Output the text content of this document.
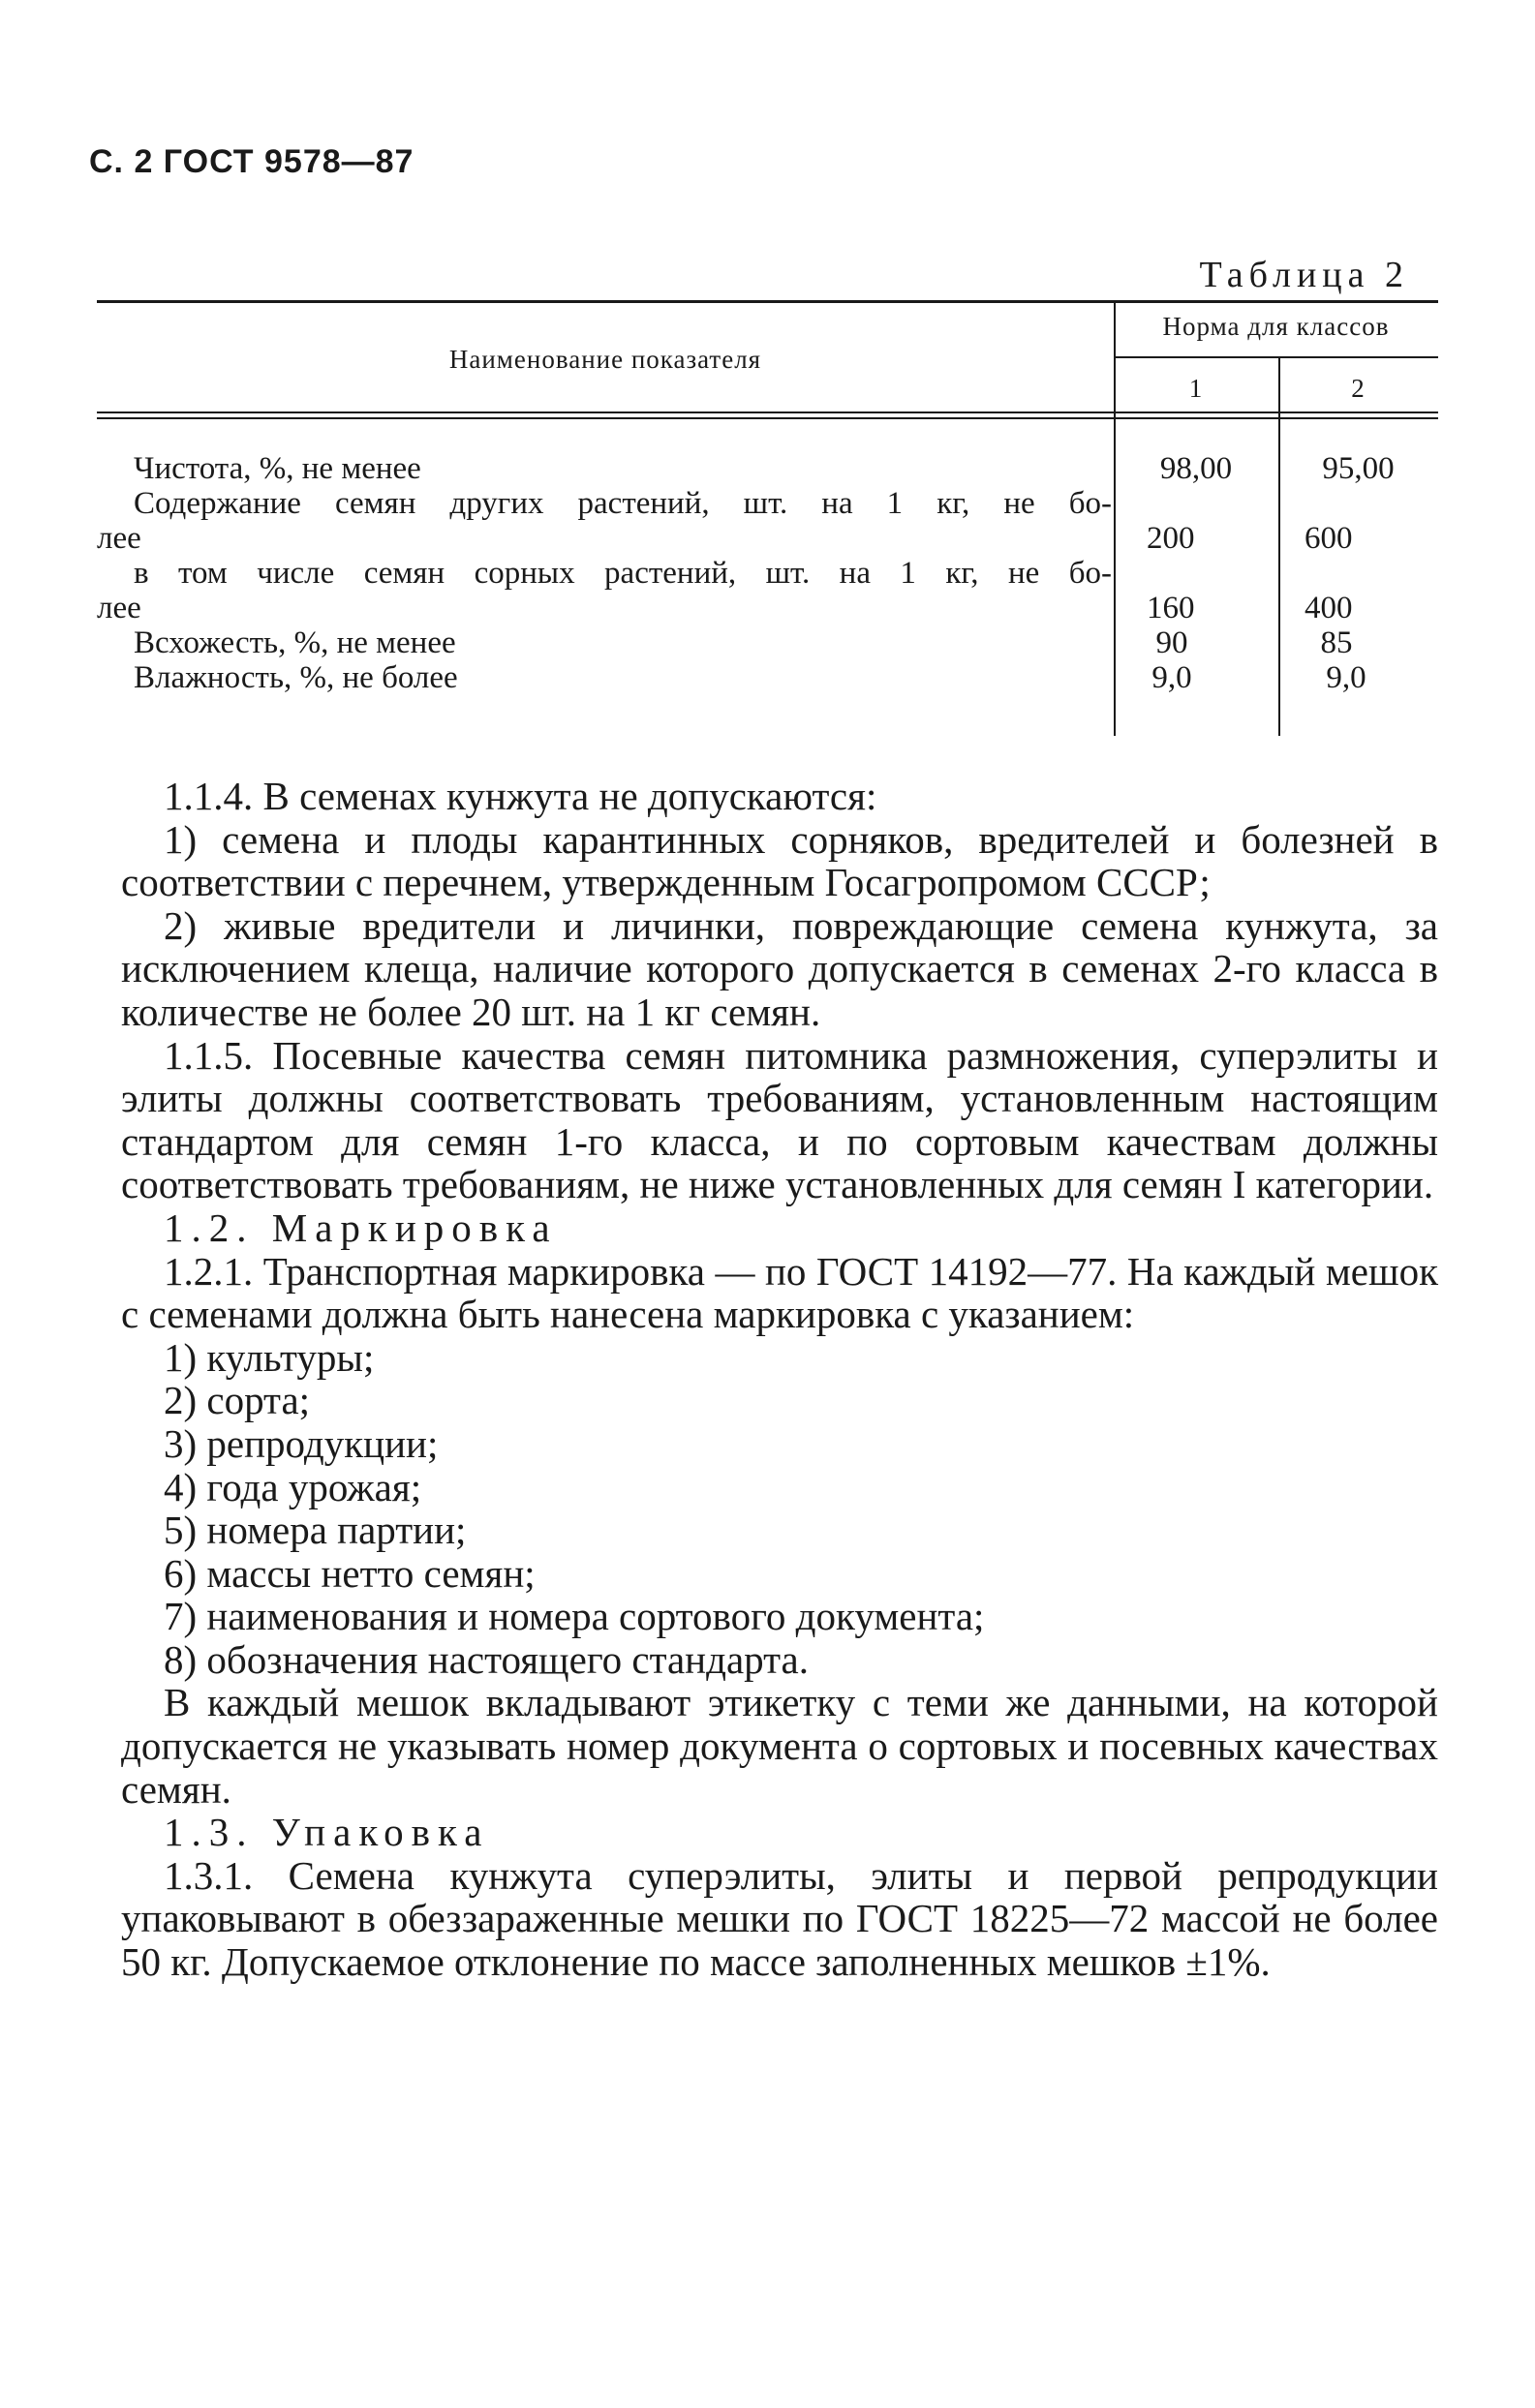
С. 2 ГОСТ 9578—87
Таблица 2
Наименование показателя
Норма для классов
1	2
Чистота, %, не менее	98,00	95,00
Содержание семян других растений, шт. на 1 кг, не бо-
лее	200	600
в том числе семян сорных растений, шт. на 1 кг, не бо-
лее	160	400
Всхожесть, %, не менее	90	85
Влажность, %, не более	9,0	9,0

1.1.4. В семенах кунжута не допускаются:

1) семена и плоды карантинных сорняков, вредителей и болезней в соответствии с перечнем, утвержденным Госагропромом СССР;

2) живые вредители и личинки, повреждающие семена кунжута, за исключением клеща, наличие которого допускается в семенах 2-го класса в количестве не более 20 шт. на 1 кг семян.

1.1.5. Посевные качества семян питомника размножения, суперэлиты и элиты должны соответствовать требованиям, установленным настоящим стандартом для семян 1-го класса, и по сортовым качествам должны соответствовать требованиям, не ниже установленных для семян I категории.

1.2. Маркировка

1.2.1. Транспортная маркировка — по ГОСТ 14192—77. На каждый мешок с семенами должна быть нанесена маркировка с указанием:

1) культуры;

2) сорта;

3) репродукции;

4) года урожая;

5) номера партии;

6) массы нетто семян;

7) наименования и номера сортового документа;

8) обозначения настоящего стандарта.

В каждый мешок вкладывают этикетку с теми же данными, на которой допускается не указывать номер документа о сортовых и посевных качествах семян.

1.3. Упаковка

1.3.1. Семена кунжута суперэлиты, элиты и первой репродукции упаковывают в обеззараженные мешки по ГОСТ 18225—72 массой не более 50 кг. Допускаемое отклонение по массе заполненных мешков ±1%.
